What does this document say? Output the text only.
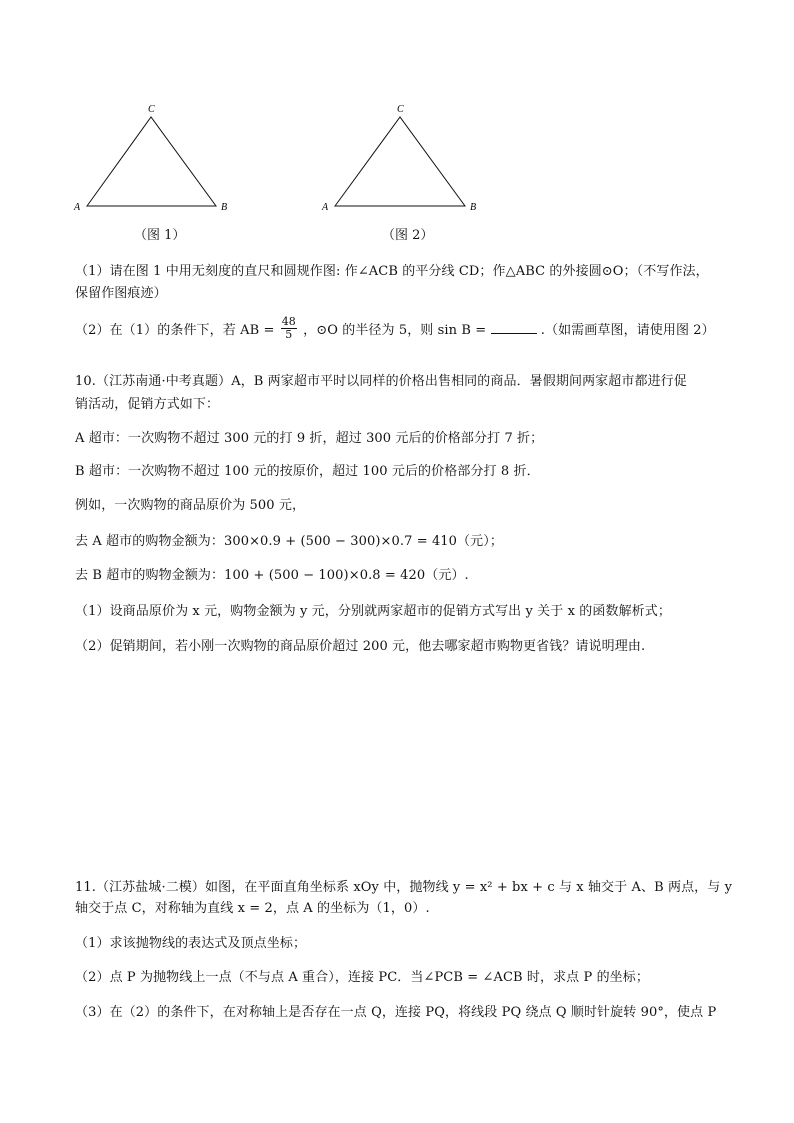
A	B
C
（图 1）
A	B
C
（图 2）
（1）请在图 1 中用无刻度的直尺和圆规作图: 作∠ACB 的平分线 CD；作△ABC 的外接圆⊙O；（不写作法，
保留作图痕迹）
（2）在（1）的条件下，若 AB = $\frac{48}{5}$ ，⊙O 的半径为 5，则 sin B =	.（如需画草图，请使用图 2）
10.（江苏南通·中考真题）A，B 两家超市平时以同样的价格出售相同的商品．暑假期间两家超市都进行促
销活动，促销方式如下：
A 超市：一次购物不超过 300 元的打 9 折，超过 300 元后的价格部分打 7 折；
B 超市：一次购物不超过 100 元的按原价，超过 100 元后的价格部分打 8 折．
例如，一次购物的商品原价为 500 元，
去 A 超市的购物金额为：300×0.9 + (500 − 300)×0.7 = 410（元）；
去 B 超市的购物金额为：100 + (500 − 100)×0.8 = 420（元）.
（1）设商品原价为 x 元，购物金额为 y 元，分别就两家超市的促销方式写出 y 关于 x 的函数解析式；
（2）促销期间，若小刚一次购物的商品原价超过 200 元，他去哪家超市购物更省钱？请说明理由.
11.（江苏盐城·二模）如图，在平面直角坐标系 xOy 中，抛物线 y = x² + bx + c 与 x 轴交于 A、B 两点，与 y
轴交于点 C，对称轴为直线 x = 2，点 A 的坐标为（1，0）.
（1）求该抛物线的表达式及顶点坐标；
（2）点 P 为抛物线上一点（不与点 A 重合），连接 PC．当∠PCB = ∠ACB 时，求点 P 的坐标；
（3）在（2）的条件下，在对称轴上是否存在一点 Q，连接 PQ，将线段 PQ 绕点 Q 顺时针旋转 90°，使点 P
